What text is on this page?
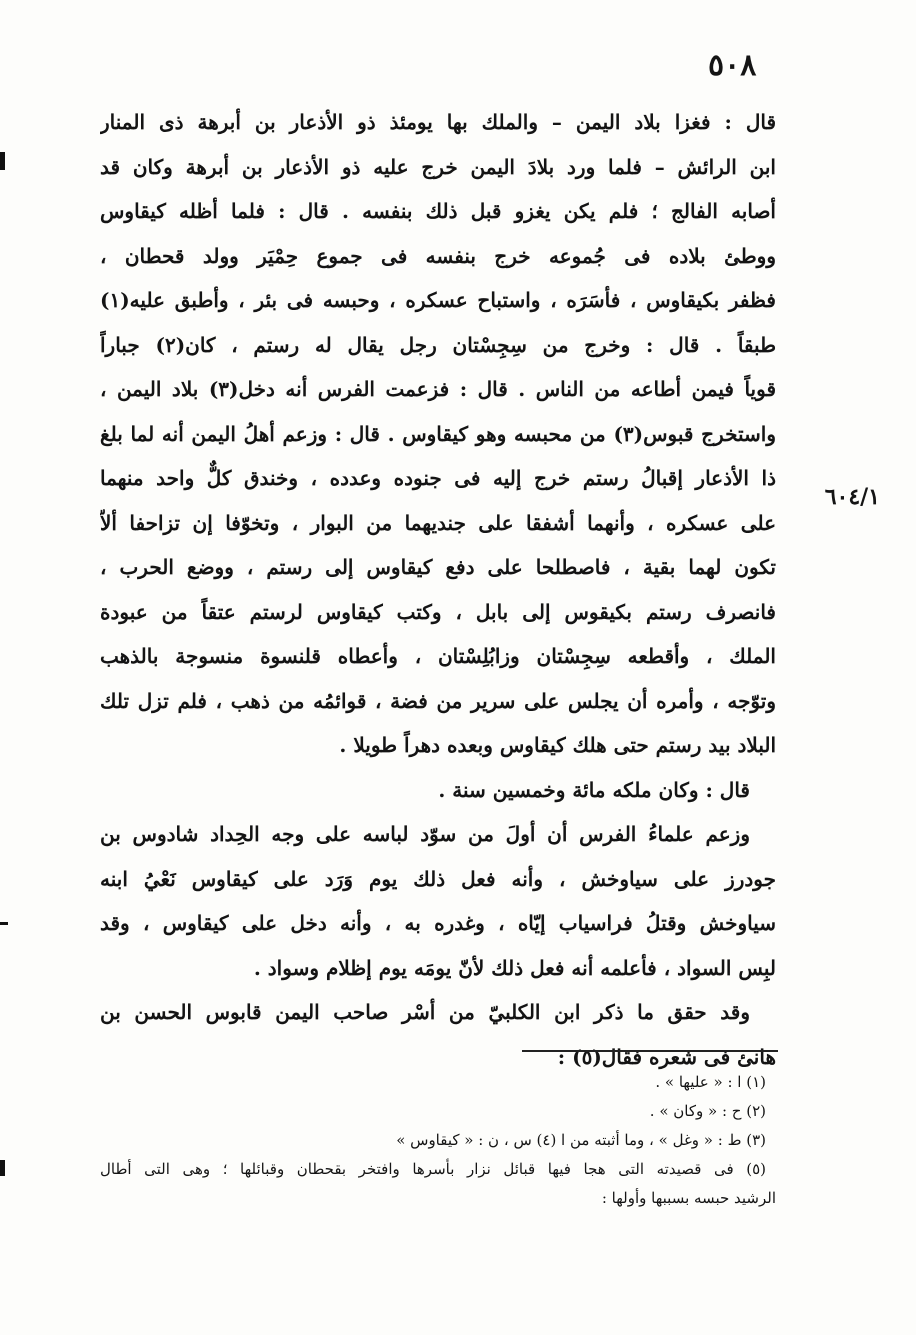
٥٠٨
٦٠٤/١
قال : فغزا بلاد اليمن – والملك بها يومئذ ذو الأذعار بن أبرهة ذى المنار
ابن الرائش – فلما ورد بلادَ اليمن خرج عليه ذو الأذعار بن أبرهة وكان قد
أصابه الفالج ؛ فلم يكن يغزو قبل ذلك بنفسه . قال : فلما أظله كيقاوس
ووطئ بلاده فى جُموعه خرج بنفسه فى جموع حِمْيَر وولد قحطان ،
فظفر بكيقاوس ، فأسَرَه ، واستباح عسكره ، وحبسه فى بئر ، وأطبق عليه(١)
طبقاً . قال : وخرج من سِجِسْتان رجل يقال له رستم ، كان(٢) جباراً
قوياً فيمن أطاعه من الناس . قال : فزعمت الفرس أنه دخل(٣) بلاد اليمن ،
واستخرج قبوس(٣) من محبسه وهو كيقاوس . قال : وزعم أهلُ اليمن أنه لما بلغ
ذا الأذعار إقبالُ رستم خرج إليه فى جنوده وعدده ، وخندق كلٌّ واحد منهما
على عسكره ، وأنهما أشفقا على جنديهما من البوار ، وتخوّفا إن تزاحفا ألاّ
تكون لهما بقية ، فاصطلحا على دفع كيقاوس إلى رستم ، ووضع الحرب ،
فانصرف رستم بكيقوس إلى بابل ، وكتب كيقاوس لرستم عتقاً من عبودة
الملك ، وأقطعه سِجِسْتان وزابُلِسْتان ، وأعطاه قلنسوة منسوجة بالذهب
وتوّجه ، وأمره أن يجلس على سرير من فضة ، قوائمُه من ذهب ، فلم تزل تلك
البلاد بيد رستم حتى هلك كيقاوس وبعده دهراً طويلا .
قال : وكان ملكه مائة وخمسين سنة .
وزعم علماءُ الفرس أن أولَ من سوّد لباسه على وجه الحِداد شادوس بن
جودرز على سياوخش ، وأنه فعل ذلك يوم وَرَد على كيقاوس نَعْيُ ابنه
سياوخش وقتلُ فراسياب إيّاه ، وغدره به ، وأنه دخل على كيقاوس ، وقد
لبِس السواد ، فأعلمه أنه فعل ذلك لأنّ يومَه يوم إظلام وسواد .
وقد حقق ما ذكر ابن الكلبيّ من أسْر صاحب اليمن قابوس الحسن بن
هانئ فى شعره فقال(٥) :
(١) ا : « عليها » .
(٢) ح : « وكان » .
(٣) ط : « وغل » ، وما أثبته من ا (٤) س ، ن : « كيقاوس »
(٥) فى قصيدته التى هجا فيها قبائل نزار بأسرها وافتخر بقحطان وقبائلها ؛ وهى التى أطال
الرشيد حبسه بسببها وأولها :
